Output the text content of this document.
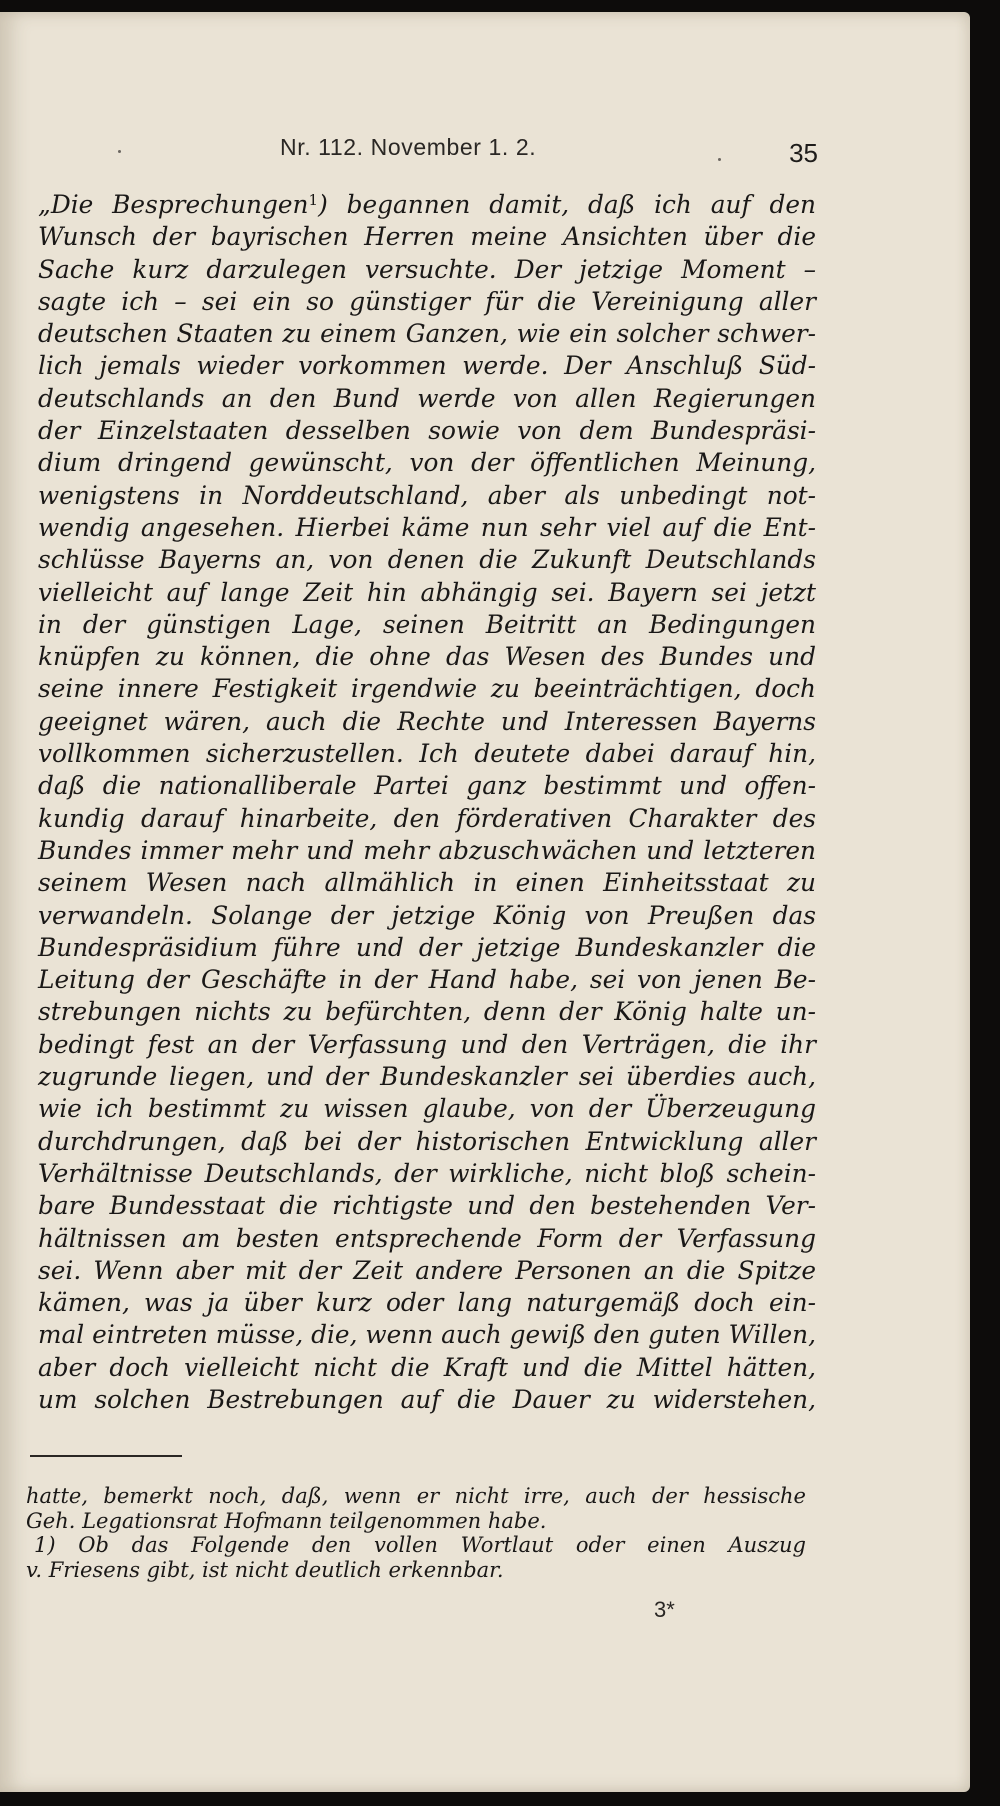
Nr. 112. November 1. 2.	35
„Die Besprechungen$^1$) begannen damit, daß ich auf den
Wunsch der bayrischen Herren meine Ansichten über die
Sache kurz darzulegen versuchte. Der jetzige Moment –
sagte ich – sei ein so günstiger für die Vereinigung aller
deutschen Staaten zu einem Ganzen, wie ein solcher schwer-
lich jemals wieder vorkommen werde. Der Anschluß Süd-
deutschlands an den Bund werde von allen Regierungen
der Einzelstaaten desselben sowie von dem Bundespräsi-
dium dringend gewünscht, von der öffentlichen Meinung,
wenigstens in Norddeutschland, aber als unbedingt not-
wendig angesehen. Hierbei käme nun sehr viel auf die Ent-
schlüsse Bayerns an, von denen die Zukunft Deutschlands
vielleicht auf lange Zeit hin abhängig sei. Bayern sei jetzt
in der günstigen Lage, seinen Beitritt an Bedingungen
knüpfen zu können, die ohne das Wesen des Bundes und
seine innere Festigkeit irgendwie zu beeinträchtigen, doch
geeignet wären, auch die Rechte und Interessen Bayerns
vollkommen sicherzustellen. Ich deutete dabei darauf hin,
daß die nationalliberale Partei ganz bestimmt und offen-
kundig darauf hinarbeite, den förderativen Charakter des
Bundes immer mehr und mehr abzuschwächen und letzteren
seinem Wesen nach allmählich in einen Einheitsstaat zu
verwandeln. Solange der jetzige König von Preußen das
Bundespräsidium führe und der jetzige Bundeskanzler die
Leitung der Geschäfte in der Hand habe, sei von jenen Be-
strebungen nichts zu befürchten, denn der König halte un-
bedingt fest an der Verfassung und den Verträgen, die ihr
zugrunde liegen, und der Bundeskanzler sei überdies auch,
wie ich bestimmt zu wissen glaube, von der Überzeugung
durchdrungen, daß bei der historischen Entwicklung aller
Verhältnisse Deutschlands, der wirkliche, nicht bloß schein-
bare Bundesstaat die richtigste und den bestehenden Ver-
hältnissen am besten entsprechende Form der Verfassung
sei. Wenn aber mit der Zeit andere Personen an die Spitze
kämen, was ja über kurz oder lang naturgemäß doch ein-
mal eintreten müsse, die, wenn auch gewiß den guten Willen,
aber doch vielleicht nicht die Kraft und die Mittel hätten,
um solchen Bestrebungen auf die Dauer zu widerstehen,
hatte, bemerkt noch, daß, wenn er nicht irre, auch der hessische
Geh. Legationsrat Hofmann teilgenommen habe.
1) Ob das Folgende den vollen Wortlaut oder einen Auszug
v. Friesens gibt, ist nicht deutlich erkennbar.
3*
